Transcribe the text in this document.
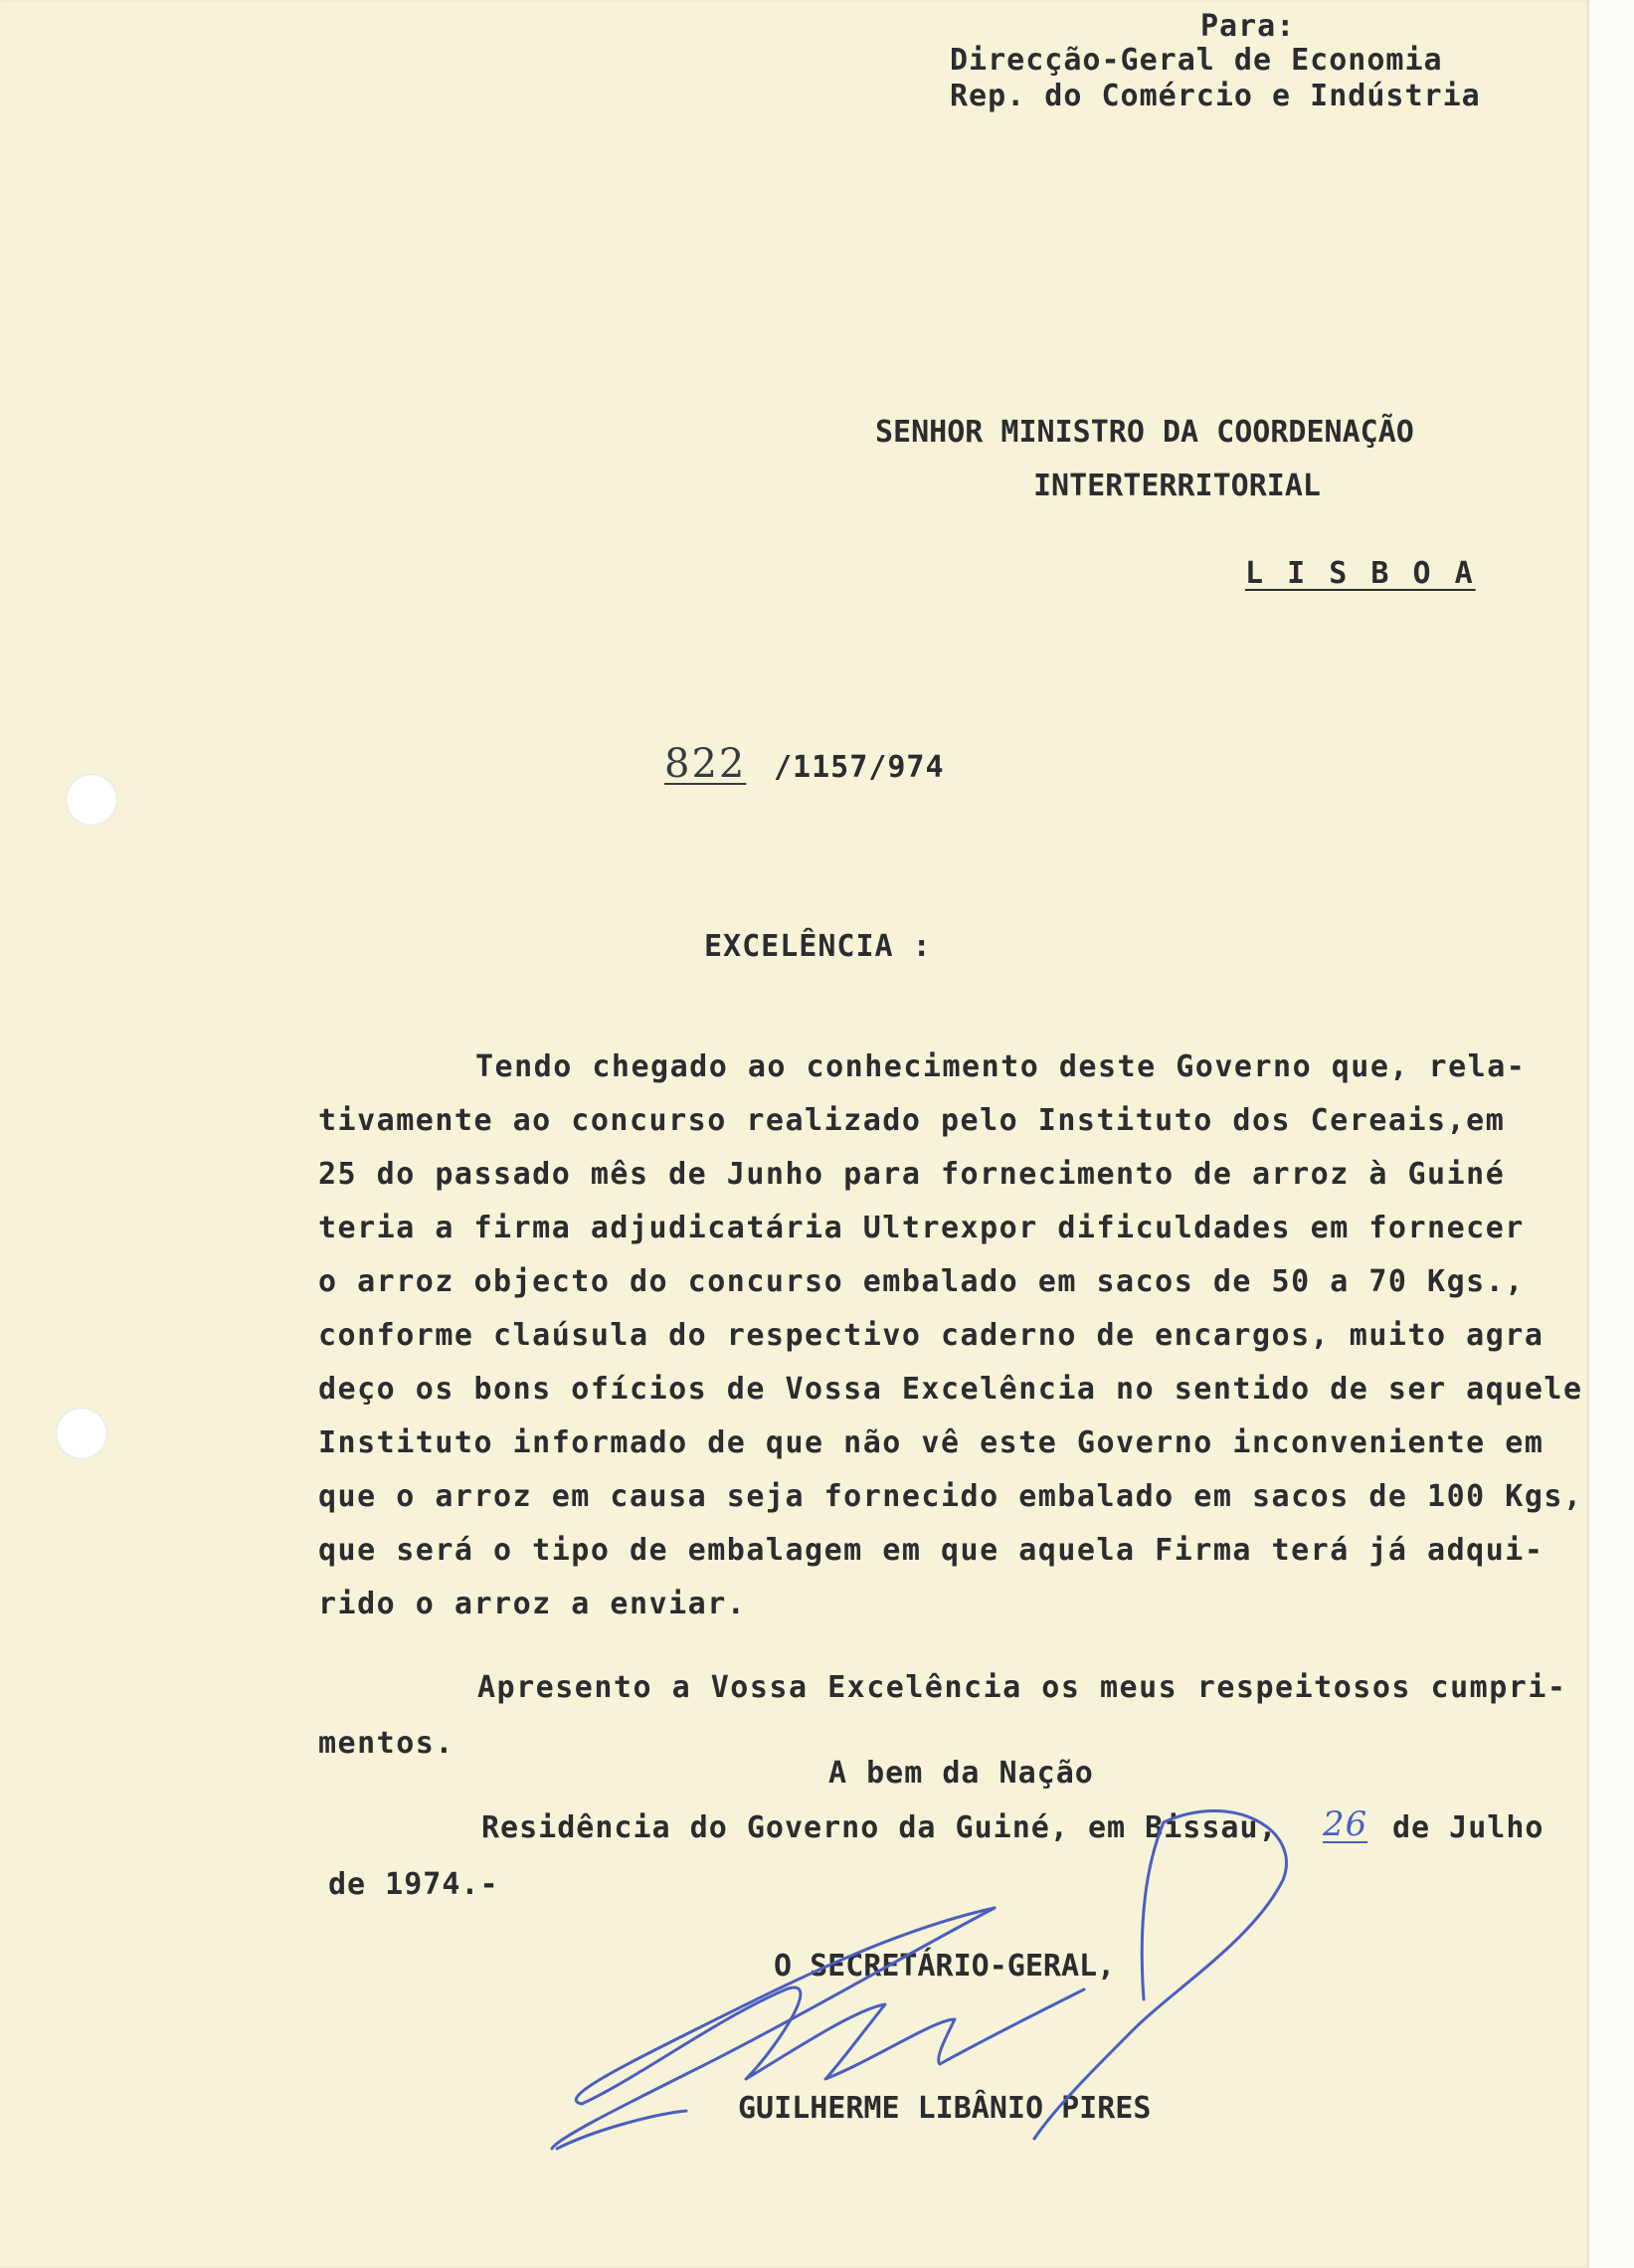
Para:
Direcção-Geral de Economia
Rep. do Comércio e Indústria
SENHOR MINISTRO DA COORDENAÇÃO
INTERTERRITORIAL
L I S B O A
822 /1157/974
EXCELÊNCIA :
Tendo chegado ao conhecimento deste Governo que, rela-
tivamente ao concurso realizado pelo Instituto dos Cereais,em
25 do passado mês de Junho para fornecimento de arroz à Guiné
teria a firma adjudicatária Ultrexpor dificuldades em fornecer
o arroz objecto do concurso embalado em sacos de 50 a 70 Kgs.,
conforme claúsula do respectivo caderno de encargos, muito agra
deço os bons ofícios de Vossa Excelência no sentido de ser aquele
Instituto informado de que não vê este Governo inconveniente em
que o arroz em causa seja fornecido embalado em sacos de 100 Kgs,
que será o tipo de embalagem em que aquela Firma terá já adqui-
rido o arroz a enviar.
Apresento a Vossa Excelência os meus respeitosos cumpri-
mentos.
A bem da Nação
Residência do Governo da Guiné, em Bissau, 26 de Julho
de 1974.-
O SECRETÁRIO-GERAL,
GUILHERME LIBÂNIO PIRES
